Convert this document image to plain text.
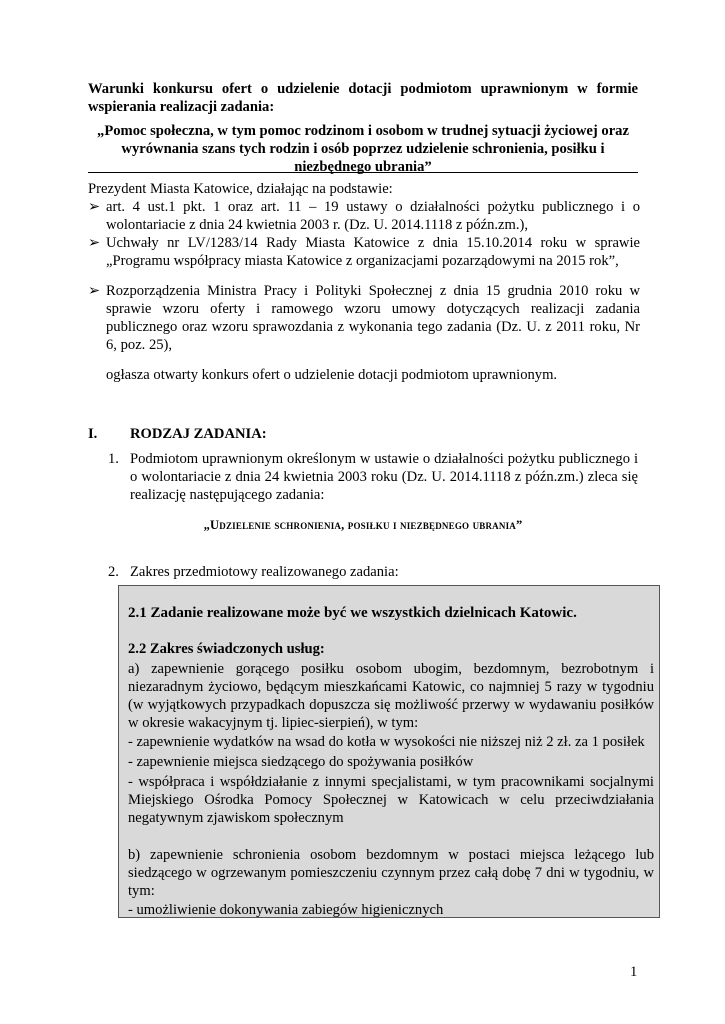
Warunki konkursu ofert o udzielenie dotacji podmiotom uprawnionym w formie wspierania realizacji zadania:
„Pomoc społeczna, w tym pomoc rodzinom i osobom w trudnej sytuacji życiowej oraz wyrównania szans tych rodzin i osób poprzez udzielenie schronienia, posiłku i niezbędnego ubrania”
Prezydent Miasta Katowice, działając na podstawie:
➢ art. 4 ust.1 pkt. 1 oraz art. 11 – 19 ustawy o działalności pożytku publicznego i o wolontariacie z dnia 24 kwietnia 2003 r. (Dz. U. 2014.1118 z późn.zm.),
➢ Uchwały nr LV/1283/14 Rady Miasta Katowice z dnia 15.10.2014 roku w sprawie „Programu współpracy miasta Katowice z organizacjami pozarządowymi na 2015 rok”,
➢ Rozporządzenia Ministra Pracy i Polityki Społecznej z dnia 15 grudnia 2010 roku w sprawie wzoru oferty i ramowego wzoru umowy dotyczących realizacji zadania publicznego oraz wzoru sprawozdania z wykonania tego zadania (Dz. U. z 2011 roku, Nr 6, poz. 25),
ogłasza otwarty konkurs ofert o udzielenie dotacji podmiotom uprawnionym.
I. RODZAJ ZADANIA:
1. Podmiotom uprawnionym określonym w ustawie o działalności pożytku publicznego i o wolontariacie z dnia 24 kwietnia 2003 roku (Dz. U. 2014.1118 z późn.zm.) zleca się realizację następującego zadania:
„Udzielenie schronienia, posiłku i niezbędnego ubrania”
2. Zakres przedmiotowy realizowanego zadania:
2.1 Zadanie realizowane może być we wszystkich dzielnicach Katowic.
2.2 Zakres świadczonych usług:
a) zapewnienie gorącego posiłku osobom ubogim, bezdomnym, bezrobotnym i niezaradnym życiowo, będącym mieszkańcami Katowic, co najmniej 5 razy w tygodniu (w wyjątkowych przypadkach dopuszcza się możliwość przerwy w wydawaniu posiłków w okresie wakacyjnym tj. lipiec-sierpień), w tym:
- zapewnienie wydatków na wsad do kotła w wysokości nie niższej niż 2 zł. za 1 posiłek
- zapewnienie miejsca siedzącego do spożywania posiłków
- współpraca i współdziałanie z innymi specjalistami, w tym pracownikami socjalnymi Miejskiego Ośrodka Pomocy Społecznej w Katowicach w celu przeciwdziałania negatywnym zjawiskom społecznym
b) zapewnienie schronienia osobom bezdomnym w postaci miejsca leżącego lub siedzącego w ogrzewanym pomieszczeniu czynnym przez całą dobę 7 dni w tygodniu, w tym:
- umożliwienie dokonywania zabiegów higienicznych
1
